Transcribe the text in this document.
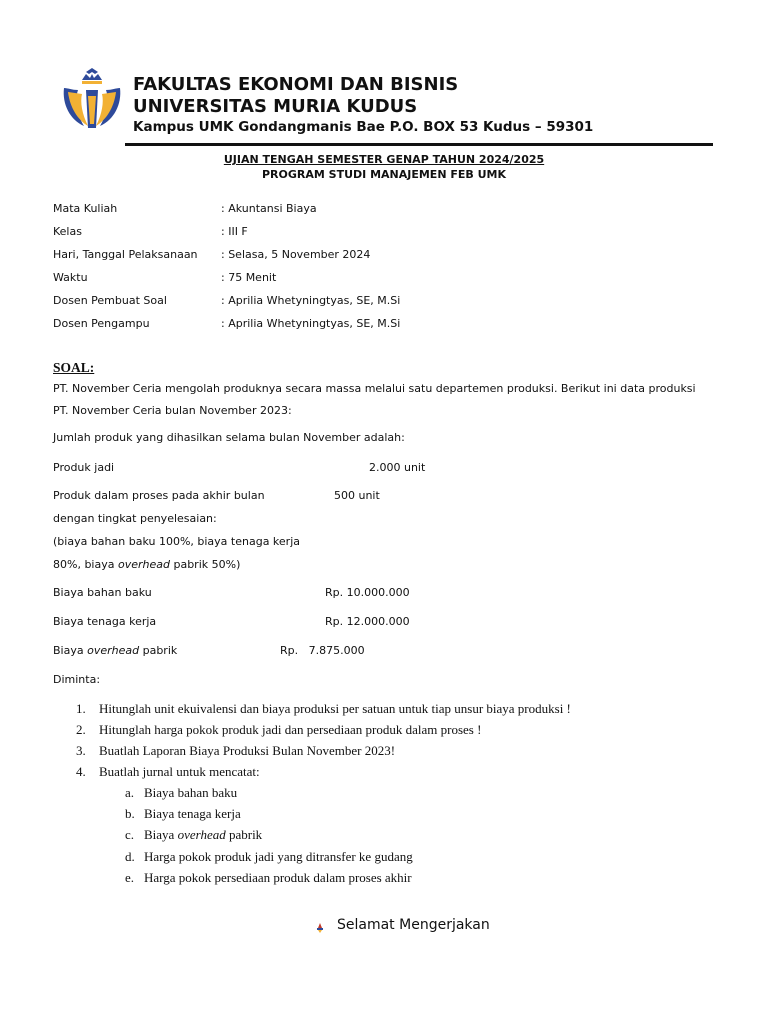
FAKULTAS EKONOMI DAN BISNIS
UNIVERSITAS MURIA KUDUS
Kampus UMK Gondangmanis Bae P.O. BOX 53 Kudus – 59301
UJIAN TENGAH SEMESTER GENAP TAHUN 2024/2025
PROGRAM STUDI MANAJEMEN FEB UMK
Mata Kuliah	: Akuntansi Biaya
Kelas	: III F
Hari, Tanggal Pelaksanaan : Selasa, 5 November 2024
Waktu	: 75 Menit
Dosen Pembuat Soal	: Aprilia Whetyningtyas, SE, M.Si
Dosen Pengampu	: Aprilia Whetyningtyas, SE, M.Si
SOAL:
PT. November Ceria mengolah produknya secara massa melalui satu departemen produksi. Berikut ini data produksi
PT. November Ceria bulan November 2023:
Jumlah produk yang dihasilkan selama bulan November adalah:
Produk jadi	2.000 unit
Produk dalam proses pada akhir bulan	500 unit
dengan tingkat penyelesaian:
(biaya bahan baku 100%, biaya tenaga kerja
80%, biaya overhead pabrik 50%)
Biaya bahan baku	Rp. 10.000.000
Biaya tenaga kerja	Rp. 12.000.000
Biaya overhead pabrik	Rp.   7.875.000
Diminta:
1. Hitunglah unit ekuivalensi dan biaya produksi per satuan untuk tiap unsur biaya produksi !
2. Hitunglah harga pokok produk jadi dan persediaan produk dalam proses !
3. Buatlah Laporan Biaya Produksi Bulan November 2023!
4. Buatlah jurnal untuk mencatat:
a. Biaya bahan baku
b. Biaya tenaga kerja
c. Biaya overhead pabrik
d. Harga pokok produk jadi yang ditransfer ke gudang
e. Harga pokok persediaan produk dalam proses akhir
Selamat Mengerjakan
